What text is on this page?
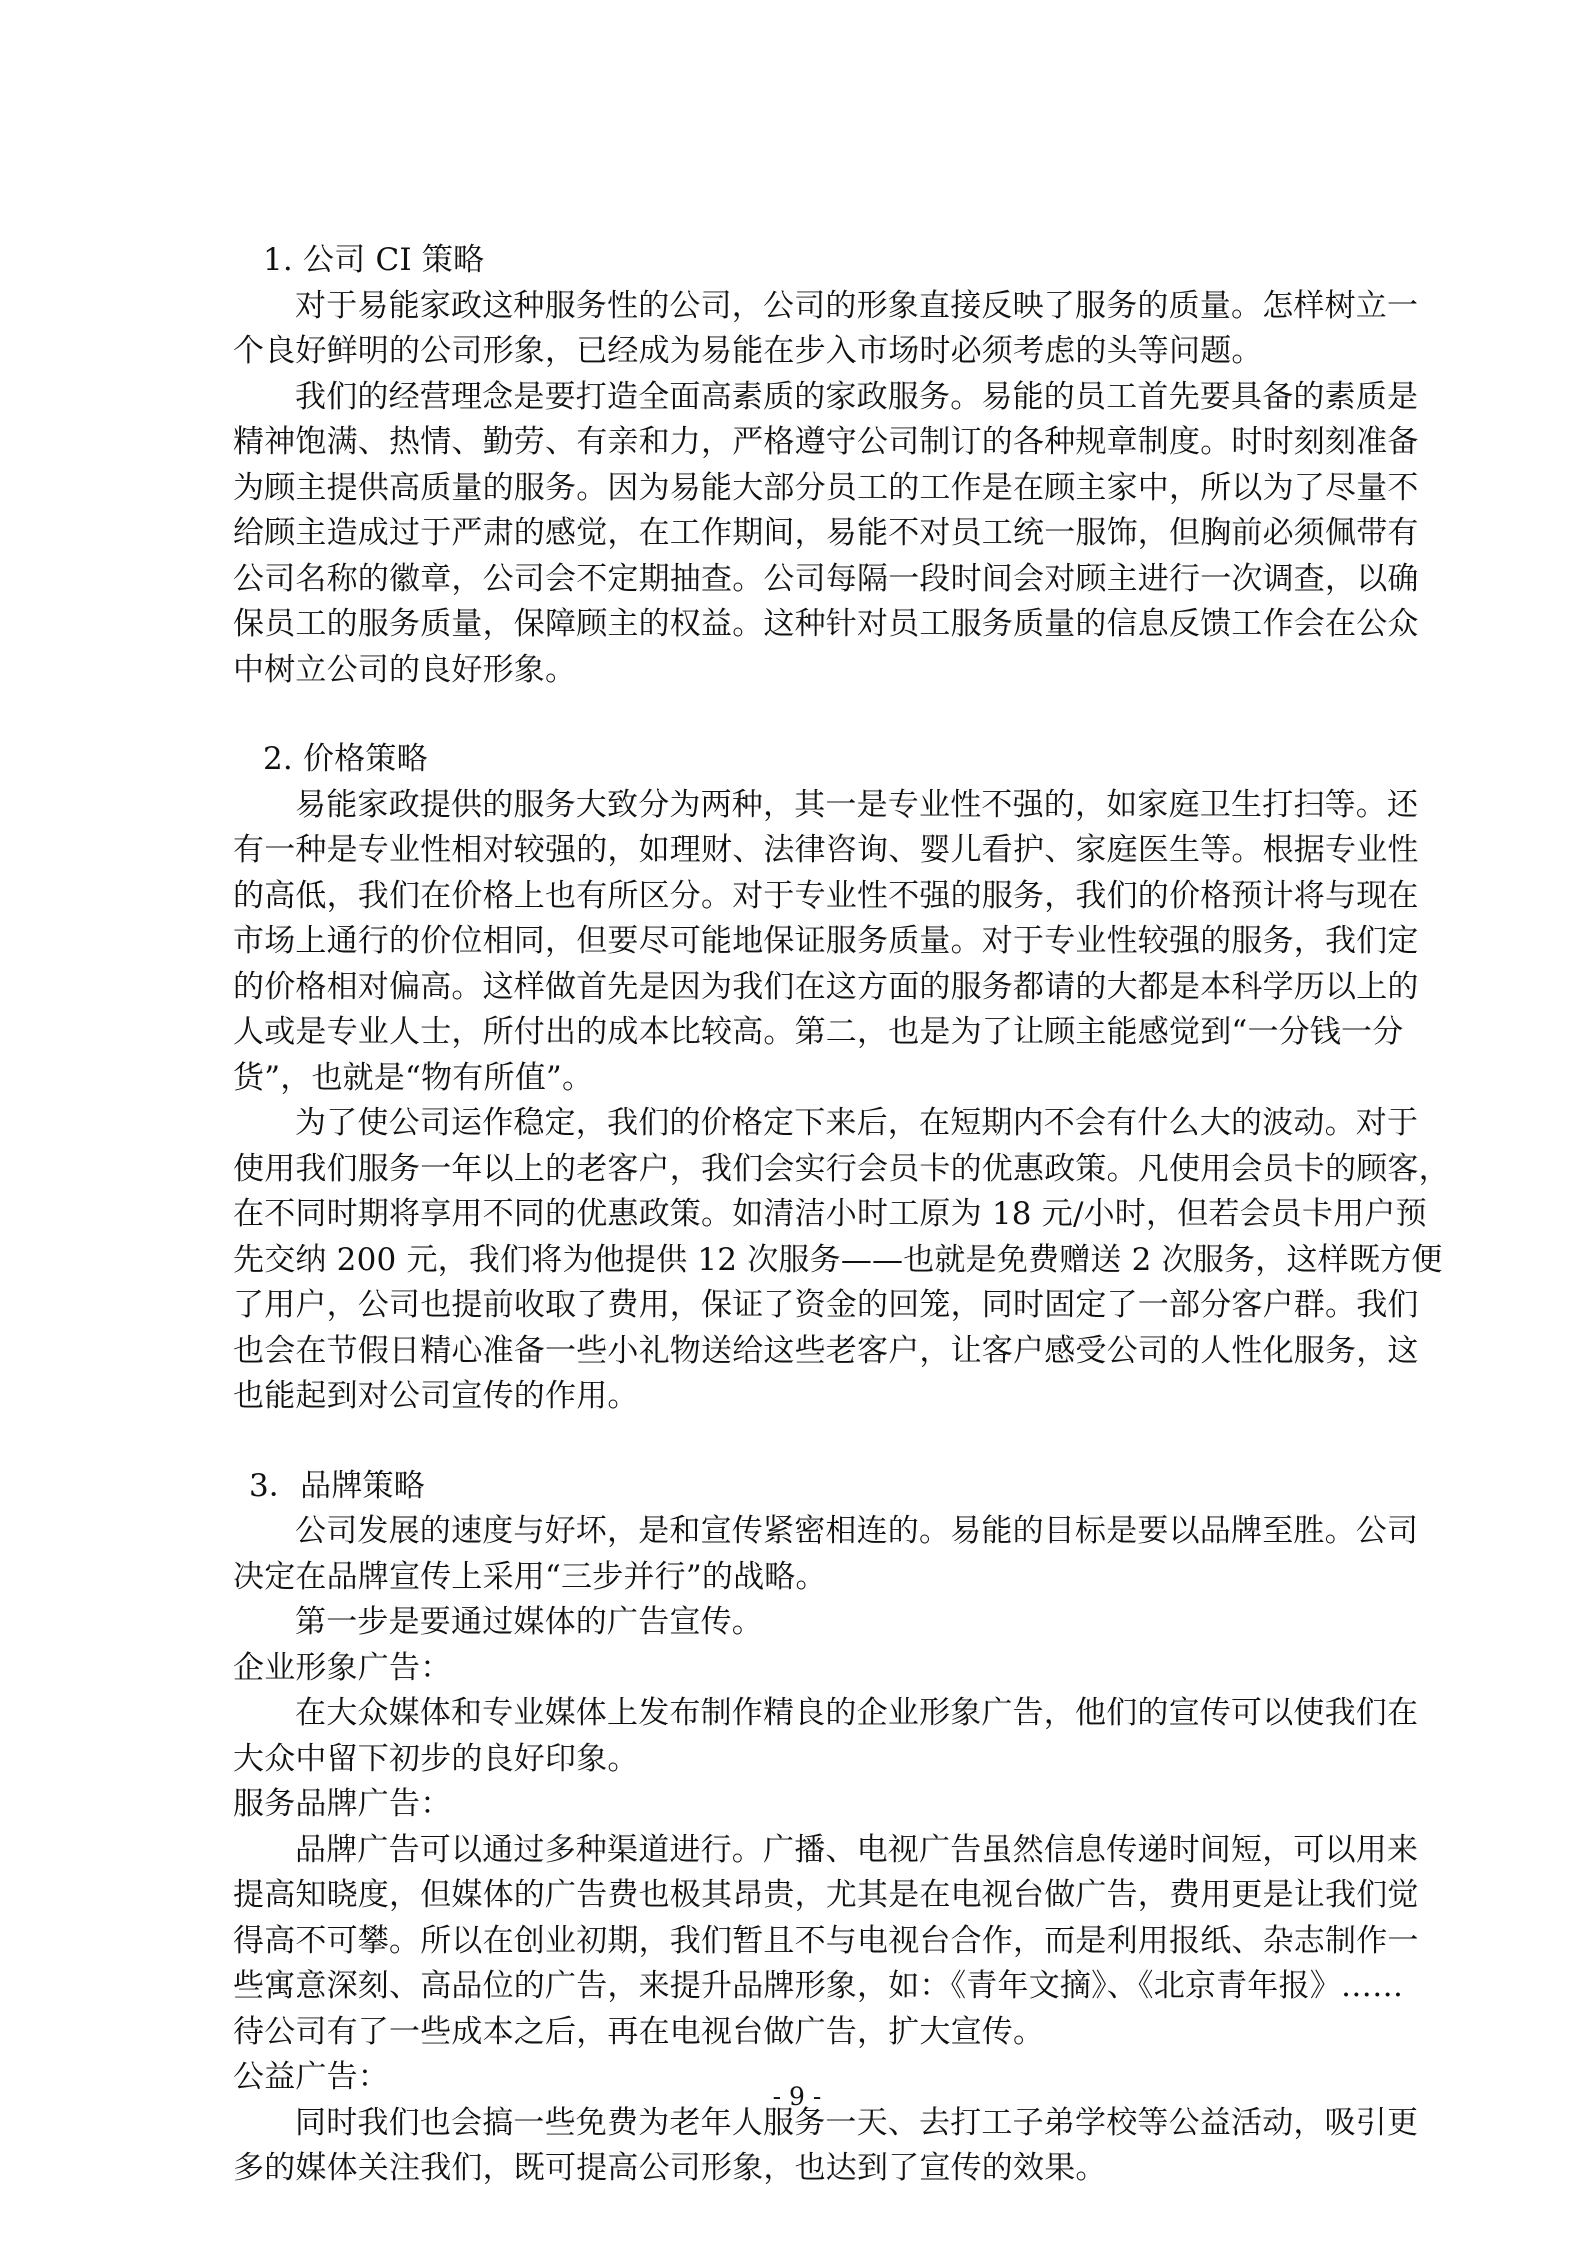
1. 公司 CI 策略

对于易能家政这种服务性的公司，公司的形象直接反映了服务的质量。怎样树立一

个良好鲜明的公司形象，已经成为易能在步入市场时必须考虑的头等问题。

我们的经营理念是要打造全面高素质的家政服务。易能的员工首先要具备的素质是

精神饱满、热情、勤劳、有亲和力，严格遵守公司制订的各种规章制度。时时刻刻准备

为顾主提供高质量的服务。因为易能大部分员工的工作是在顾主家中，所以为了尽量不

给顾主造成过于严肃的感觉，在工作期间，易能不对员工统一服饰，但胸前必须佩带有

公司名称的徽章，公司会不定期抽查。公司每隔一段时间会对顾主进行一次调查，以确

保员工的服务质量，保障顾主的权益。这种针对员工服务质量的信息反馈工作会在公众

中树立公司的良好形象。

2. 价格策略

易能家政提供的服务大致分为两种，其一是专业性不强的，如家庭卫生打扫等。还

有一种是专业性相对较强的，如理财、法律咨询、婴儿看护、家庭医生等。根据专业性

的高低，我们在价格上也有所区分。对于专业性不强的服务，我们的价格预计将与现在

市场上通行的价位相同，但要尽可能地保证服务质量。对于专业性较强的服务，我们定

的价格相对偏高。这样做首先是因为我们在这方面的服务都请的大都是本科学历以上的

人或是专业人士，所付出的成本比较高。第二，也是为了让顾主能感觉到“一分钱一分

货”，也就是“物有所值”。

为了使公司运作稳定，我们的价格定下来后，在短期内不会有什么大的波动。对于

使用我们服务一年以上的老客户，我们会实行会员卡的优惠政策。凡使用会员卡的顾客，

在不同时期将享用不同的优惠政策。如清洁小时工原为 18 元/小时，但若会员卡用户预

先交纳 200 元，我们将为他提供 12 次服务——也就是免费赠送 2 次服务，这样既方便

了用户，公司也提前收取了费用，保证了资金的回笼，同时固定了一部分客户群。我们

也会在节假日精心准备一些小礼物送给这些老客户，让客户感受公司的人性化服务，这

也能起到对公司宣传的作用。

3．品牌策略

公司发展的速度与好坏，是和宣传紧密相连的。易能的目标是要以品牌至胜。公司

决定在品牌宣传上采用“三步并行”的战略。

第一步是要通过媒体的广告宣传。

企业形象广告：

在大众媒体和专业媒体上发布制作精良的企业形象广告，他们的宣传可以使我们在

大众中留下初步的良好印象。

服务品牌广告：

品牌广告可以通过多种渠道进行。广播、电视广告虽然信息传递时间短，可以用来

提高知晓度，但媒体的广告费也极其昂贵，尤其是在电视台做广告，费用更是让我们觉

得高不可攀。所以在创业初期，我们暂且不与电视台合作，而是利用报纸、杂志制作一

些寓意深刻、高品位的广告，来提升品牌形象，如：《青年文摘》、《北京青年报》……

待公司有了一些成本之后，再在电视台做广告，扩大宣传。

公益广告：

同时我们也会搞一些免费为老年人服务一天、去打工子弟学校等公益活动，吸引更

多的媒体关注我们，既可提高公司形象，也达到了宣传的效果。

- 9 -
